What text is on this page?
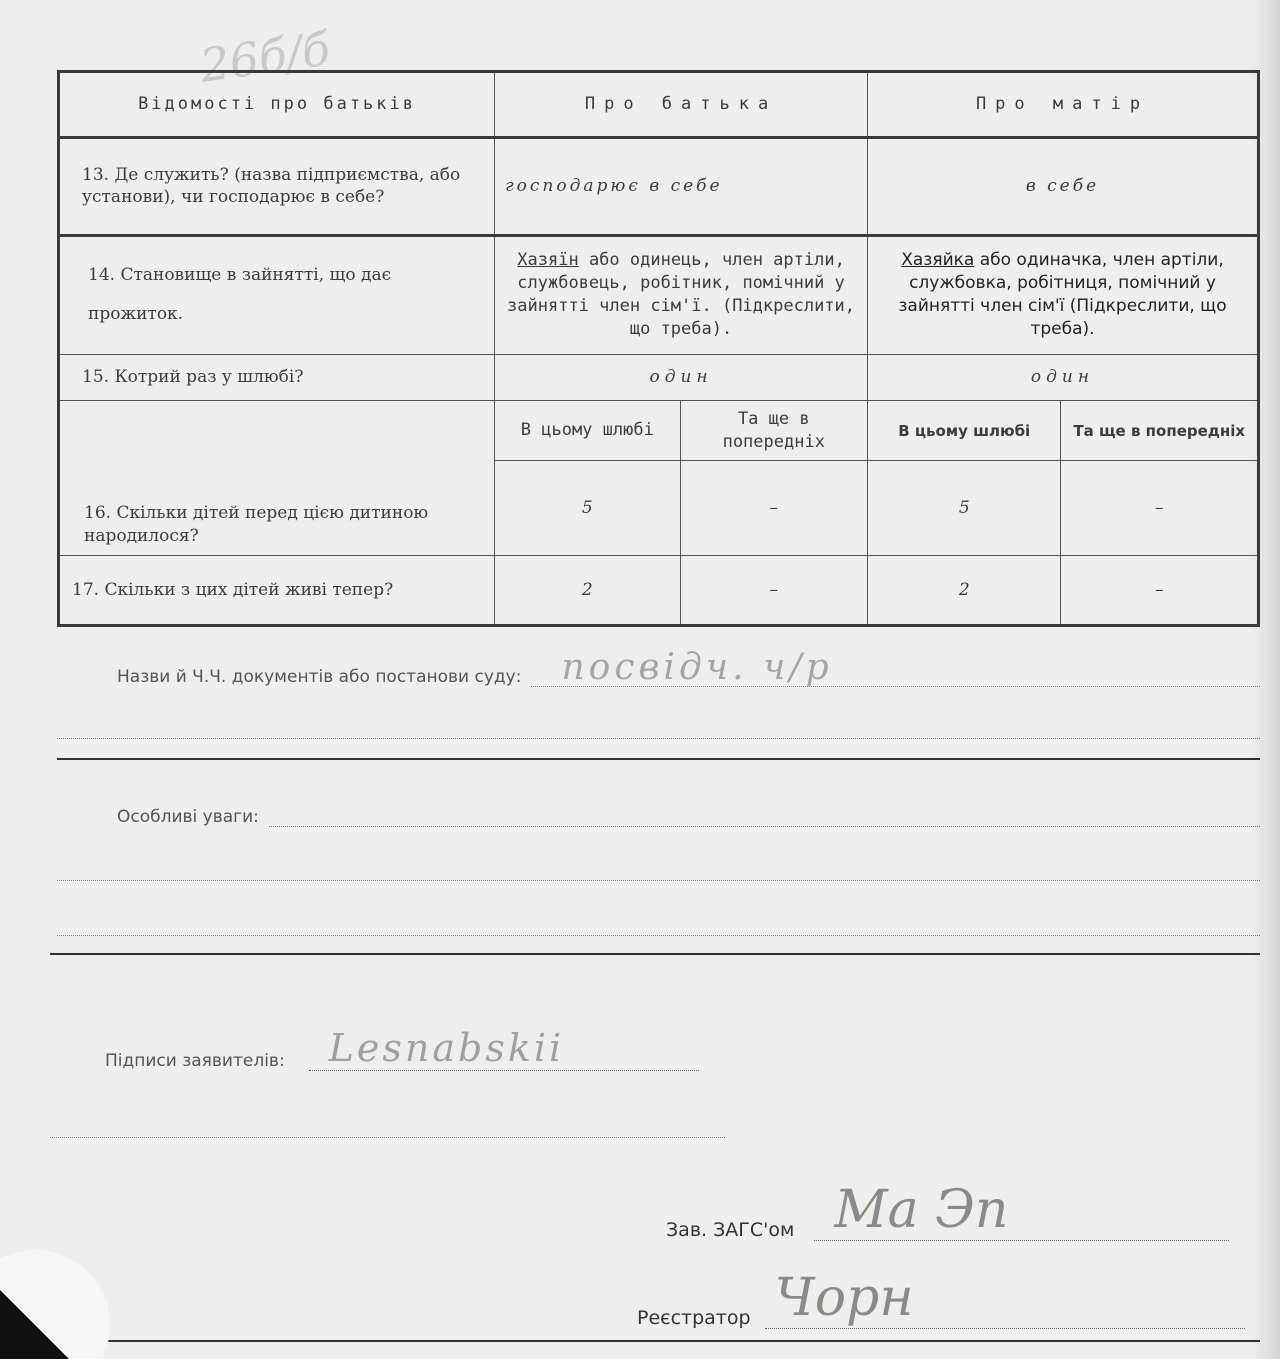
26б/б
Відомості про батьків	Про батька		Про матір	
13. Де служить? (назва підприємства, або установи), чи господарює в себе?	господарює в себе		в себе	
14. Становище в зайнятті, що дає прожиток.	Хазяїн або одинець, член артіли, службовець, робітник, помічний у зайнятті член сім'ї. (Підкреслити, що треба).		Хазяйка або одиначка, член артіли, службовка, робітниця, помічний у зайнятті член сім'ї (Підкреслити, що треба).	
15. Котрий раз у шлюбі?	один		один	
16. Скільки дітей перед цією дитиною народилося?	В цьому шлюбі	Та ще в попередніх	В цьому шлюбі	Та ще в попередніх
	5	–	5	–
17. Скільки з цих дітей живі тепер?	2	–	2	–
Назви й Ч.Ч. документів або постанови суду: посвідч. ч/р
Особливі уваги:
Підписи заявителів: Lesnabskii
Зав. ЗАГС'ом Ма Эп
Реєстратор Чорн
